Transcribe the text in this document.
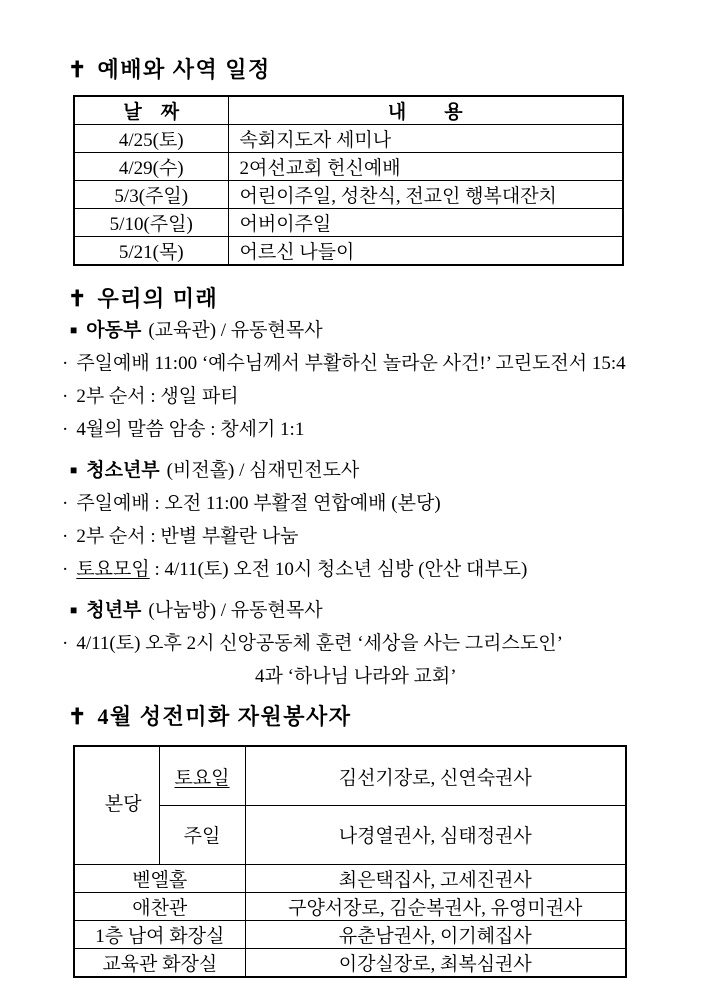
✝ 예배와 사역 일정
날　짜	내　　용
4/25(토)	속회지도자 세미나
4/29(수)	2여선교회 헌신예배
5/3(주일)	어린이주일, 성찬식, 전교인 행복대잔치
5/10(주일)	어버이주일
5/21(목)	어르신 나들이
✝ 우리의 미래
■ 아동부 (교육관) / 유동현목사
· 주일예배 11:00 ‘예수님께서 부활하신 놀라운 사건!’ 고린도전서 15:4
· 2부 순서 : 생일 파티
· 4월의 말씀 암송 : 창세기 1:1
■ 청소년부 (비전홀) / 심재민전도사
· 주일예배 : 오전 11:00 부활절 연합예배 (본당)
· 2부 순서 : 반별 부활란 나눔
· 토요모임 : 4/11(토) 오전 10시 청소년 심방 (안산 대부도)
■ 청년부 (나눔방) / 유동현목사
· 4/11(토) 오후 2시 신앙공동체 훈련 ‘세상을 사는 그리스도인’
4과 ‘하나님 나라와 교회’
✝ 4월 성전미화 자원봉사자

본당	토요일	김선기장로, 신연숙권사
	주일	나경열권사, 심태정권사
벧엘홀		최은택집사, 고세진권사
애찬관		구양서장로, 김순복권사, 유영미권사
1층 남여 화장실		유춘남권사, 이기혜집사
교육관 화장실		이강실장로, 최복심권사
